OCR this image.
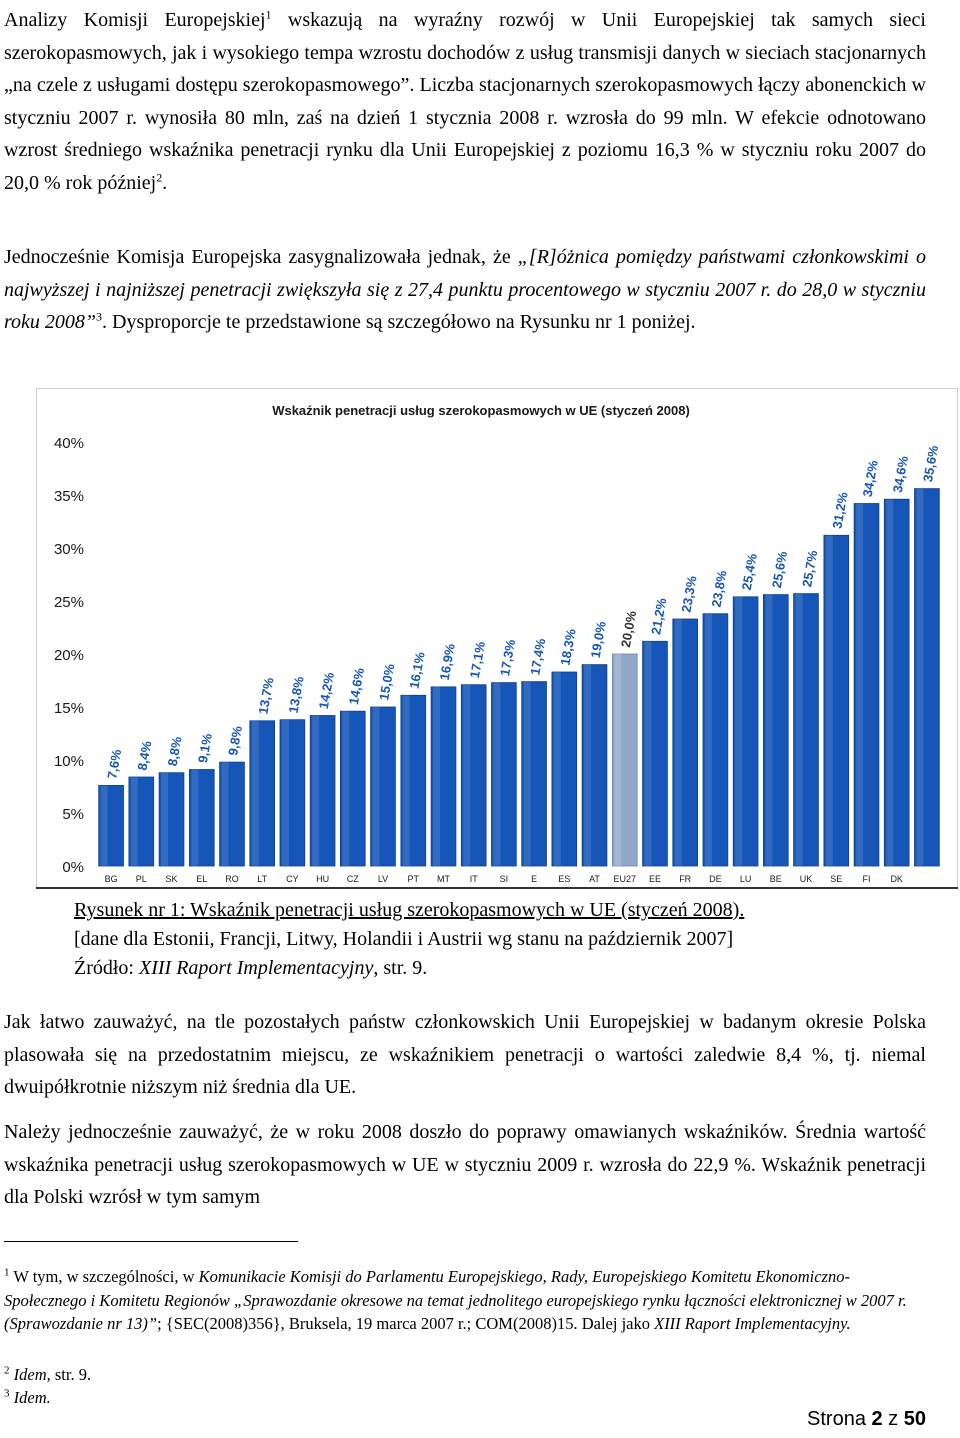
Analizy Komisji Europejskiej$^1$ wskazują na wyraźny rozwój w Unii Europejskiej tak samych sieci szerokopasmowych, jak i wysokiego tempa wzrostu dochodów z usług transmisji danych w sieciach stacjonarnych „na czele z usługami dostępu szerokopasmowego”. Liczba stacjonarnych szerokopasmowych łączy abonenckich w styczniu 2007 r. wynosiła 80 mln, zaś na dzień 1 stycznia 2008 r. wzrosła do 99 mln. W efekcie odnotowano wzrost średniego wskaźnika penetracji rynku dla Unii Europejskiej z poziomu 16,3 % w styczniu roku 2007 do 20,0 % rok później$^2$.

Jednocześnie Komisja Europejska zasygnalizowała jednak, że „[R]óżnica pomiędzy państwami członkowskimi o najwyższej i najniższej penetracji zwiększyła się z 27,4 punktu procentowego w styczniu 2007 r. do 28,0 w styczniu roku 2008”$^3$. Dysproporcje te przedstawione są szczegółowo na Rysunku nr 1 poniżej.

Wskaźnik penetracji usług szerokopasmowych w UE (styczeń 2008)
0%
5%
10%
15%
20%
25%
30%
35%
40%
7,6% 8,4% 8,8% 9,1% 9,8%
13,7% 13,8% 14,2% 14,6% 15,0% 16,1% 16,9% 17,1% 17,3% 17,4% 18,3% 19,0% 20,0% 21,2%
23,3% 23,8% 25,4% 25,6% 25,7%
31,2%
34,2% 34,6% 35,6%
BG PL SK EL RO LT CY HU CZ LV PT MT IT SI	E ES AT EU27 EE FR DE LU BE UK SE FI DK

Rysunek nr 1: Wskaźnik penetracji usług szerokopasmowych w UE (styczeń 2008).

[dane dla Estonii, Francji, Litwy, Holandii i Austrii wg stanu na październik 2007]

Źródło: XIII Raport Implementacyjny, str. 9.

Jak łatwo zauważyć, na tle pozostałych państw członkowskich Unii Europejskiej w badanym okresie Polska plasowała się na przedostatnim miejscu, ze wskaźnikiem penetracji o wartości zaledwie 8,4 %, tj. niemal dwuipółkrotnie niższym niż średnia dla UE.

Należy jednocześnie zauważyć, że w roku 2008 doszło do poprawy omawianych wskaźników. Średnia wartość wskaźnika penetracji usług szerokopasmowych w UE w styczniu 2009 r. wzrosła do 22,9 %. Wskaźnik penetracji dla Polski wzrósł w tym samym

$^1$ W tym, w szczególności, w Komunikacie Komisji do Parlamentu Europejskiego, Rady, Europejskiego Komitetu Ekonomiczno-Społecznego i Komitetu Regionów „Sprawozdanie okresowe na temat jednolitego europejskiego rynku łączności elektronicznej w 2007 r. (Sprawozdanie nr 13)”; {SEC(2008)356}, Bruksela, 19 marca 2007 r.; COM(2008)15. Dalej jako XIII Raport Implementacyjny.

$^2$ Idem, str. 9.

$^3$ Idem.

Strona 2 z 50
